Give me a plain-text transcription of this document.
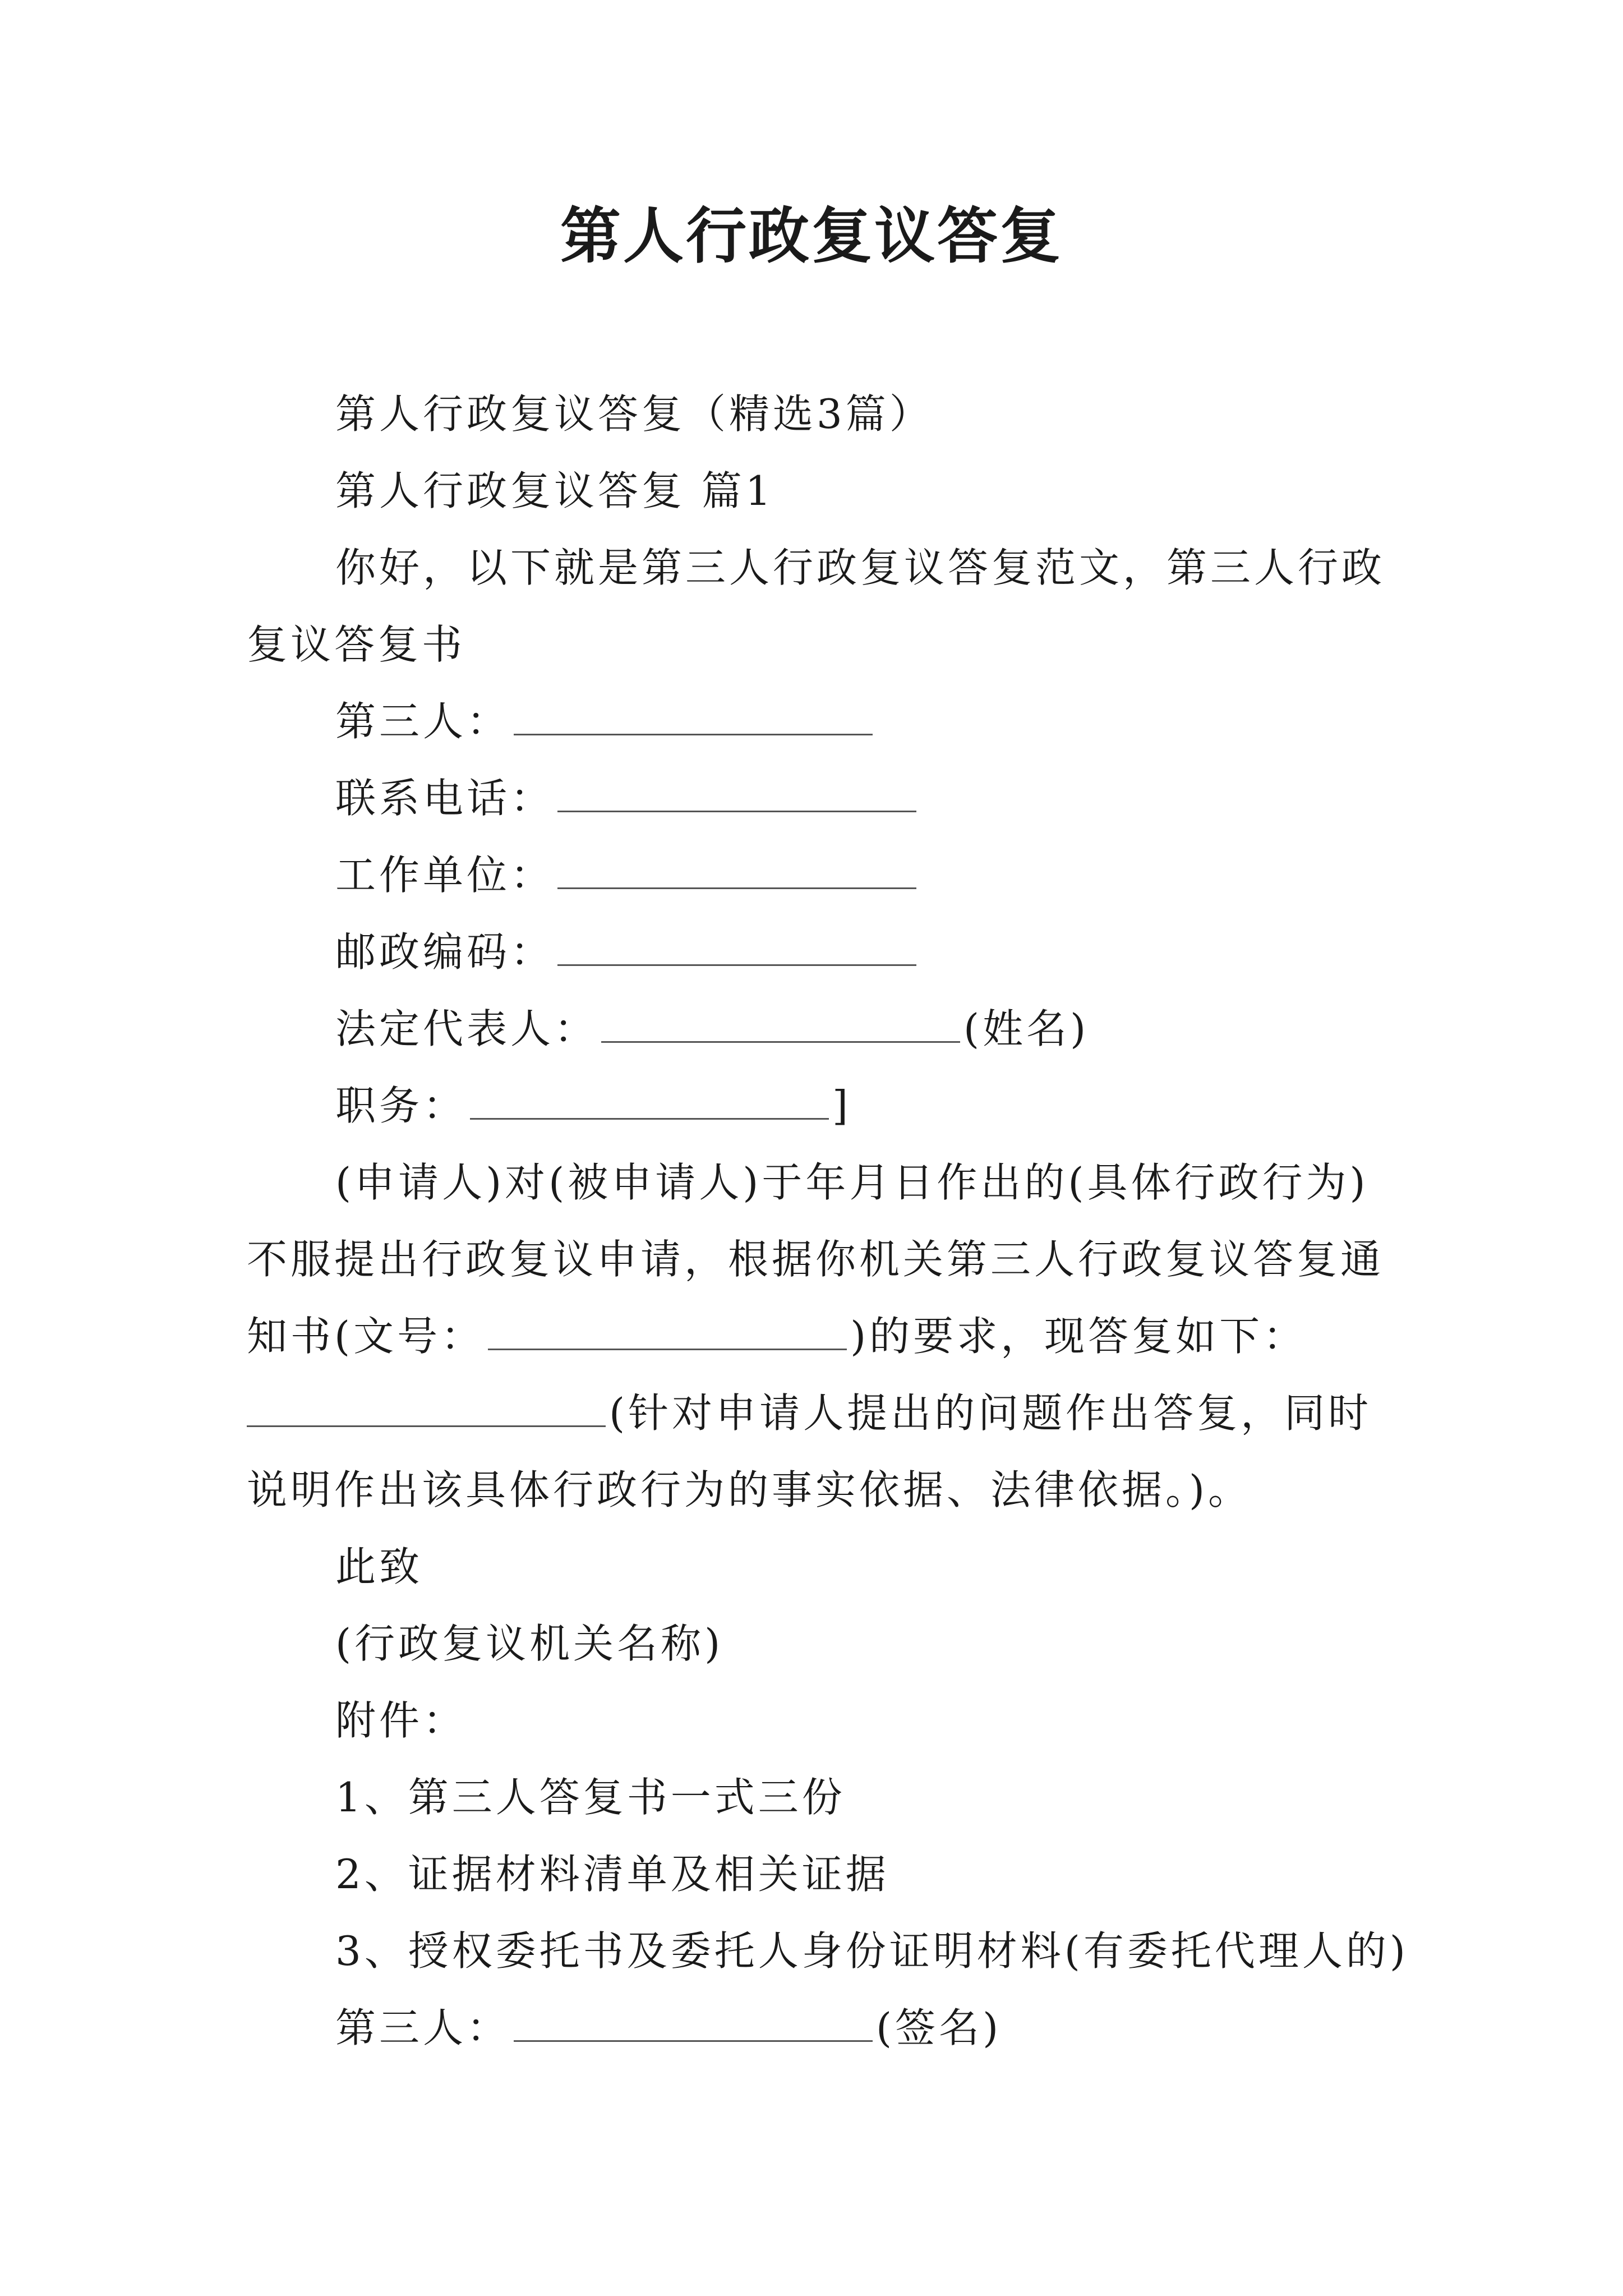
第人行政复议答复
第人行政复议答复（精选3篇）
第人行政复议答复 篇1
你好，以下就是第三人行政复议答复范文，第三人行政
复议答复书
第三人：
联系电话：
工作单位：
邮政编码：
法定代表人：	(姓名)
职务：	]
(申请人)对(被申请人)于年月日作出的(具体行政行为)
不服提出行政复议申请，根据你机关第三人行政复议答复通
知书(文号：	)的要求，现答复如下：
(针对申请人提出的问题作出答复，同时
说明作出该具体行政行为的事实依据、法律依据。)。
此致
(行政复议机关名称)
附件：
1、第三人答复书一式三份
2、证据材料清单及相关证据
3、授权委托书及委托人身份证明材料(有委托代理人的)
第三人：	(签名)
